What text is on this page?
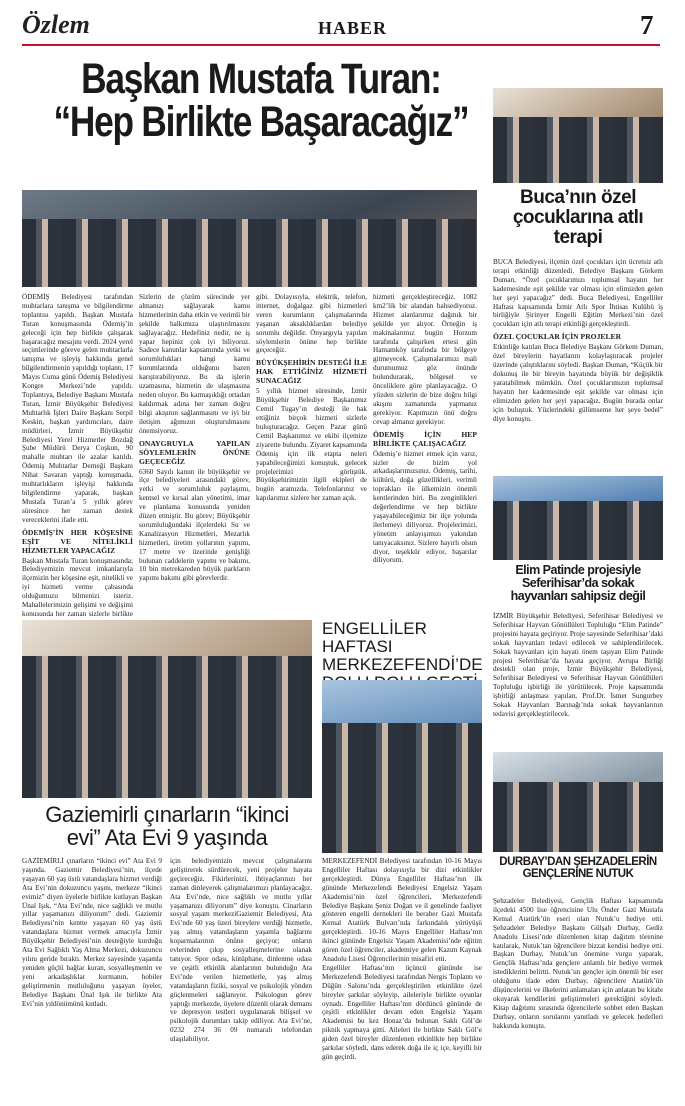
Özlem	HABER	7
Başkan Mustafa Turan:
“Hep Birlikte Başaracağız”

ÖDEMİŞ Belediyesi tarafından muhtarlara tanışma ve bilgilendirme toplantısı yapıldı. Başkan Mustafa Turan konuşmasında Ödemiş’in geleceği için hep birlikte çalışarak başaracağız mesajını verdi. 2024 yerel seçimlerinde göreve gelen muhtarlarla tanışma ve işleyiş hakkında genel bilgilendirmenin yapıldığı toplantı, 17 Mayıs Cuma günü Ödemiş Belediyesi Kongre Merkezi’nde yapıldı. Toplantıya, Belediye Başkanı Mustafa Turan, İzmir Büyükşehir Belediyesi Muhtarlık İşleri Daire Başkanı Serpil Keskin, başkan yardımcıları, daire müdürleri, İzmir Büyükşehir Belediyesi Yerel Hizmetler Bozdağ Şube Müdürü Derya Coşkun, 90 mahalle muhtarı ile azalar katıldı. Ödemiş Muhtarlar Derneği Başkanı Nihat Savaran yaptığı konuşmada, muhtarlıkların işleyişi hakkında bilgilendirme yaparak, başkan Mustafa Turan’a 5 yıllık görev süresince her zaman destek vereceklerini ifade etti.

ÖDEMİŞ’İN HER KÖŞESİNE EŞİT VE NİTELİKLİ HİZMETLER YAPACAĞIZ

Başkan Mustafa Turan konuşmasında; Belediyemizin mevcut imkanlarıyla ilçemizin her köşesine eşit, nitelikli ve iyi hizmeti verme çabasında olduğumuzu bilmenizi isteriz. Mahallelerimizin gelişimi ve değişimi konusunda her zaman sizlerle birlikte

Sizlerin de çözüm sürecinde yer almanızı sağlayarak kamu hizmetlerinin daha etkin ve verimli bir şekilde halkımıza ulaştırılmasını sağlayacağız. Hedefiniz nedir, ne iş yapar hepiniz çok iyi biliyoruz. Sadece kanunlar kapsamında yetki ve sorumlulukları hangi kamu kurumlarında olduğunu bazen karıştırabiliyoruz. Bu da işlerin uzamasına, hizmetin de ulaşmasına neden oluyor. Bu karmaşıklığı ortadan kaldırmak adına her zaman doğru bilgi akışının sağlanmasını ve iyi bir iletişim ağımızın oluşturulmasını önemsiyoruz.

ONAYGRUYLA YAPILAN SÖYLEMLERİN ÖNÜNE GEÇECEĞİZ

6360 Sayılı kanun ile büyükşehir ve ilçe belediyeleri arasındaki görev, yetki ve sorumluluk paylaşımı, kentsel ve kırsal alan yönetimi, imar ve planlama konusunda yeniden düzen etmiştir. Bu görev; Büyükşehir sorumluluğundaki ilçelerdeki Su ve Kanalizasyon Hizmetleri, Mezarlık hizmetleri, üretim yollarının yapımı, 17 metre ve üzerinde genişliği bulunan caddelerin yapımı ve bakımı, 10 bin metrekareden büyük parkların yapımı bakımı gibi görevlerdir.

gibi. Dolayısıyla, elektrik, telefon, internet, doğalgaz gibi hizmetleri veren kurumların çalışmalarında yaşanan aksaklıklardan belediye sorumlu değildir. Önyargıyla yapılan söylemlerin önüne hep birlikte geçeceğiz.

BÜYÜKŞEHİRİN DESTEĞİ İLE HAK ETTİĞİNİZ HİZMETİ SUNACAĞIZ

5 yıllık hizmet süresinde, İzmir Büyükşehir Belediye Başkanımız Cemil Tugay’ın desteği ile hak ettiğiniz birçok hizmeti sizlerle buluşturacağız. Geçen Pazar günü Cemil Başkanımız ve ekibi ilçemize ziyarette bulundu. Ziyaret kapsamında Ödemiş için ilk etapta neleri yapabileceğimizi konuştuk, gelecek projelerimizi görüştük. Büyükşehirimizin ilgili ekipleri de bugün aramızda. Telefonlarınız ve kapılarımız sizlere her zaman açık.

hizmeti gerçekleştireceğiz. 1082 km2’lik bir alandan bahsediyoruz. Hizmet alanlarımız dağınık bir şekilde yer alıyor. Örneğin iş makinalarımız bugün Horzum tarafında çalışırken ertesi gün Hamamköy tarafında bir bölgeye gitmeyecek. Çalışmalarımızı mali durumumuz göz önünde bulundurarak, bölgesel ve önceliklere göre planlayacağız. O yüzden sizlerin de bize doğru bilgi akışını zamanında yapmanız gerekiyor. Kapımızın önü doğru cevap almanız gerekiyor.

ÖDEMİŞ İÇİN HEP BİRLİKTE ÇALIŞACAĞIZ

Ödemiş’e hizmet etmek için varız, sizler de bizim yol arkadaşlarımızsınız. Ödemiş, tarihi, kültürü, doğa güzellikleri, verimli toprakları ile ülkemizin önemli kentlerinden biri. Bu zenginlikleri değerlendirme ve hep birlikte yaşayabileceğimiz bir ilçe yolunda ilerlemeyi diliyoruz. Projelerimizi, yönetim anlayışımızı yakından tanıyacaksınız. Sizlere hayırlı olsun diyor, teşekkür ediyor, başarılar diliyorum.

Buca’nın özel çocuklarına atlı terapi

BUCA Belediyesi, ilçenin özel çocukları için ücretsiz atlı terapi etkinliği düzenledi. Belediye Başkanı Görkem Duman, “Özel çocuklarımızı toplumsal hayatın her kademesinde eşit şekilde var olması için elimizden gelen her şeyi yapacağız” dedi. Buca Belediyesi, Engelliler Haftası kapsamında İzmir Atlı Spor İhtisas Kulübü iş birliğiyle Şirinyer Engelli Eğitim Merkezi’nin özel çocukları için atlı terapi etkinliği gerçekleştirdi.

ÖZEL ÇOCUKLAR İÇİN PROJELER

Etkinliğe katılan Buca Belediye Başkanı Görkem Duman, özel bireylerin hayatlarını kolaylaştıracak projeler üzerinde çalıştıklarını söyledi. Başkan Duman, “Küçük bir dokunuş ile bir bireyin hayatında büyük bir değişiklik yaratabilmek mümkün. Özel çocuklarımızın toplumsal hayatın her kademesinde eşit şekilde var olması için elimizden gelen her şeyi yapacağız. Bugün burada onlar için buluştuk. Yüzlerindeki gülümseme her şeye bedel” diye konuştu.

Elim Patinde projesiyle Seferihisar’da sokak hayvanları sahipsiz değil

İZMİR Büyükşehir Belediyesi, Seferihisar Belediyesi ve Seferihisar Hayvan Gönüllüleri Topluluğu “Elim Patinde” projesini hayata geçiriyor. Proje sayesinde Seferihisar’daki sokak hayvanları tedavi edilecek ve sahiplendirilecek. Sokak hayvanları için hayati önem taşıyan Elim Patinde projesi Seferihisar’da hayata geçiyor. Avrupa Birliği destekli olan proje, İzmir Büyükşehir Belediyesi, Seferihisar Belediyesi ve Seferihisar Hayvan Gönüllüleri Topluluğu işbirliği ile yürütülecek. Proje kapsamında işbirliği anlaşması yapılan, Prof.Dr. İsmet Sungurbey Sokak Hayvanları Barınağı’nda sokak hayvanlarının tedavisi gerçekleştirilecek.

DURBAY’DAN ŞEHZADELERİN GENÇLERİNE NUTUK

Şehzadeler Belediyesi, Gençlik Haftası kapsamında ilçedeki 4500 lise öğrencisine Ulu Önder Gazi Mustafa Kemal Atatürk’ün eseri olan Nutuk’u hediye etti. Şehzadeler Belediye Başkanı Gülşah Durbay, Gediz Anadolu Lisesi’nde düzenlenen kitap dağıtım törenine katılarak, Nutuk’tan öğrencilere bizzat kendisi hediye etti. Başkan Durbay, Nutuk’un önemine vurgu yaparak, Gençlik Haftası’nda gençlere anlamlı bir hediye vermek istediklerini belirtti. Nutuk’un gençler için önemli bir eser olduğunu ifade eden Durbay, öğrencilere Atatürk’ün düşüncelerini ve ilkelerini anlamaları için anlatan bu kitabı okuyarak kendilerini geliştirmeleri gerektiğini söyledi. Kitap dağıtımı sırasında öğrencilerle sohbet eden Başkan Durbay, onların sorularını yanıtladı ve gelecek hedefleri hakkında konuştu.

ENGELLİLER HAFTASI MERKEZEFENDİ’DE

MERKEZEFENDİ Belediyesi tarafından 10-16 Mayıs Engelliler Haftası dolayısıyla bir dizi etkinlikler gerçekleştirdi. Dünya Engelliler Haftası’nın ilk gününde Merkezefendi Belediyesi Engelsiz Yaşam Akademisi’nin özel öğrencileri, Merkezefendi Belediye Başkanı Şeniz Doğan ve il genelinde faaliyet gösteren engelli dernekleri ile beraber Gazi Mustafa Kemal Atatürk Bulvarı’nda farkındalık yürüyüşü gerçekleştirdi. 10-16 Mayıs Engelliler Haftası’nın ikinci gününde Engelsiz Yaşam Akademisi’nde eğitim gören özel öğrenciler, akademiye gelen Kazım Kaynak Anadolu Lisesi Öğrencilerinin misafiri etti.

Engelliler Haftası’nın üçüncü gününde ise Merkezefendi Belediyesi tarafından Nergis Toplantı ve Düğün Salonu’nda gerçekleştirilen etkinlikte özel bireyler şarkılar söyleyip, aileleriyle birlikte oyunlar oynadı. Engelliler Haftası’nın dördüncü gününde de çeşitli etkinlikler devam eden Engelsiz Yaşam Akademisi bu kez Honaz’da bulunan Saklı Göl’de piknik yapmaya gitti. Aileleri ile birlikte Saklı Göl’e giden özel bireyler düzenlenen etkinlikte hep birlikte şarkılar söyledi, dans ederek doğa ile iç içe, keyifli bir gün geçirdi.

Gaziemirli çınarların “ikinci
evi” Ata Evi 9 yaşında

GAZİEMİRLİ çınarların “ikinci evi” Ata Evi 9 yaşında. Gaziemir Belediyesi’nin, ilçede yaşayan 60 yaş üstü vatandaşlara hizmet verdiği Ata Evi’nin dokuzuncu yaşını, merkeze “ikinci evimiz” diyen üyelerle birlikte kutlayan Başkan Ünal Işık, “Ata Evi’nde, nice sağlıklı ve mutlu yıllar yaşamanızı diliyorum” dedi. Gaziemir Belediyesi’nin kentte yaşayan 60 yaş üstü vatandaşlara hizmet vermek amacıyla İzmir Büyükşehir Belediyesi’nin desteğiyle kurduğu Ata Evi Sağlıklı Yaş Alma Merkezi, dokuzuncu yılını geride bıraktı. Merkez sayesinde yaşamla yeniden güçlü bağlar kuran, sosyalleşmenin ve yeni arkadaşlıklar kurmanın, hobiler geliştirmenin mutluluğunu yaşayan üyeler, Belediye Başkanı Ünal Işık ile birlikte Ata Evi’nin yıldönümünü kutladı.

için belediyemizin mevcut çalışmalarını geliştirerek sürdürecek, yeni projeler hayata geçireceğiz. Fikirlerinizi, ihtiyaçlarınızı her zaman dinleyerek çalışmalarımızı planlayacağız. Ata Evi’nde, nice sağlıklı ve mutlu yıllar yaşamanızı diliyorum” diye konuştu. Cinarların sosyal yaşam merkeziGaziemir Belediyesi, Ata Evi’nde 60 yaş üzeri bireylere verdiği hizmetle, yaş almış vatandaşların yaşamla bağlarını koparmalarının önüne geçiyor; onların evlerinden çıkıp sosyalleşmelerine olanak tanıyor. Spor odası, kütüphane, dinlenme odası ve çeşitli etkinlik alanlarının bulunduğu Ata Evi’nde verilen hizmetlerle, yaş almış vatandaşların fiziki, sosyal ve psikolojik yönden güçlenmeleri sağlanıyor. Psikologun görev yaptığı merkezde, üyelere düzenli olarak demans ve depresyon testleri uygulanarak bilişsel ve psikolojik durumları takip ediliyor. Ata Evi’ne, 0232 274 36 09 numaralı telefondan ulaşılabiliyor.
